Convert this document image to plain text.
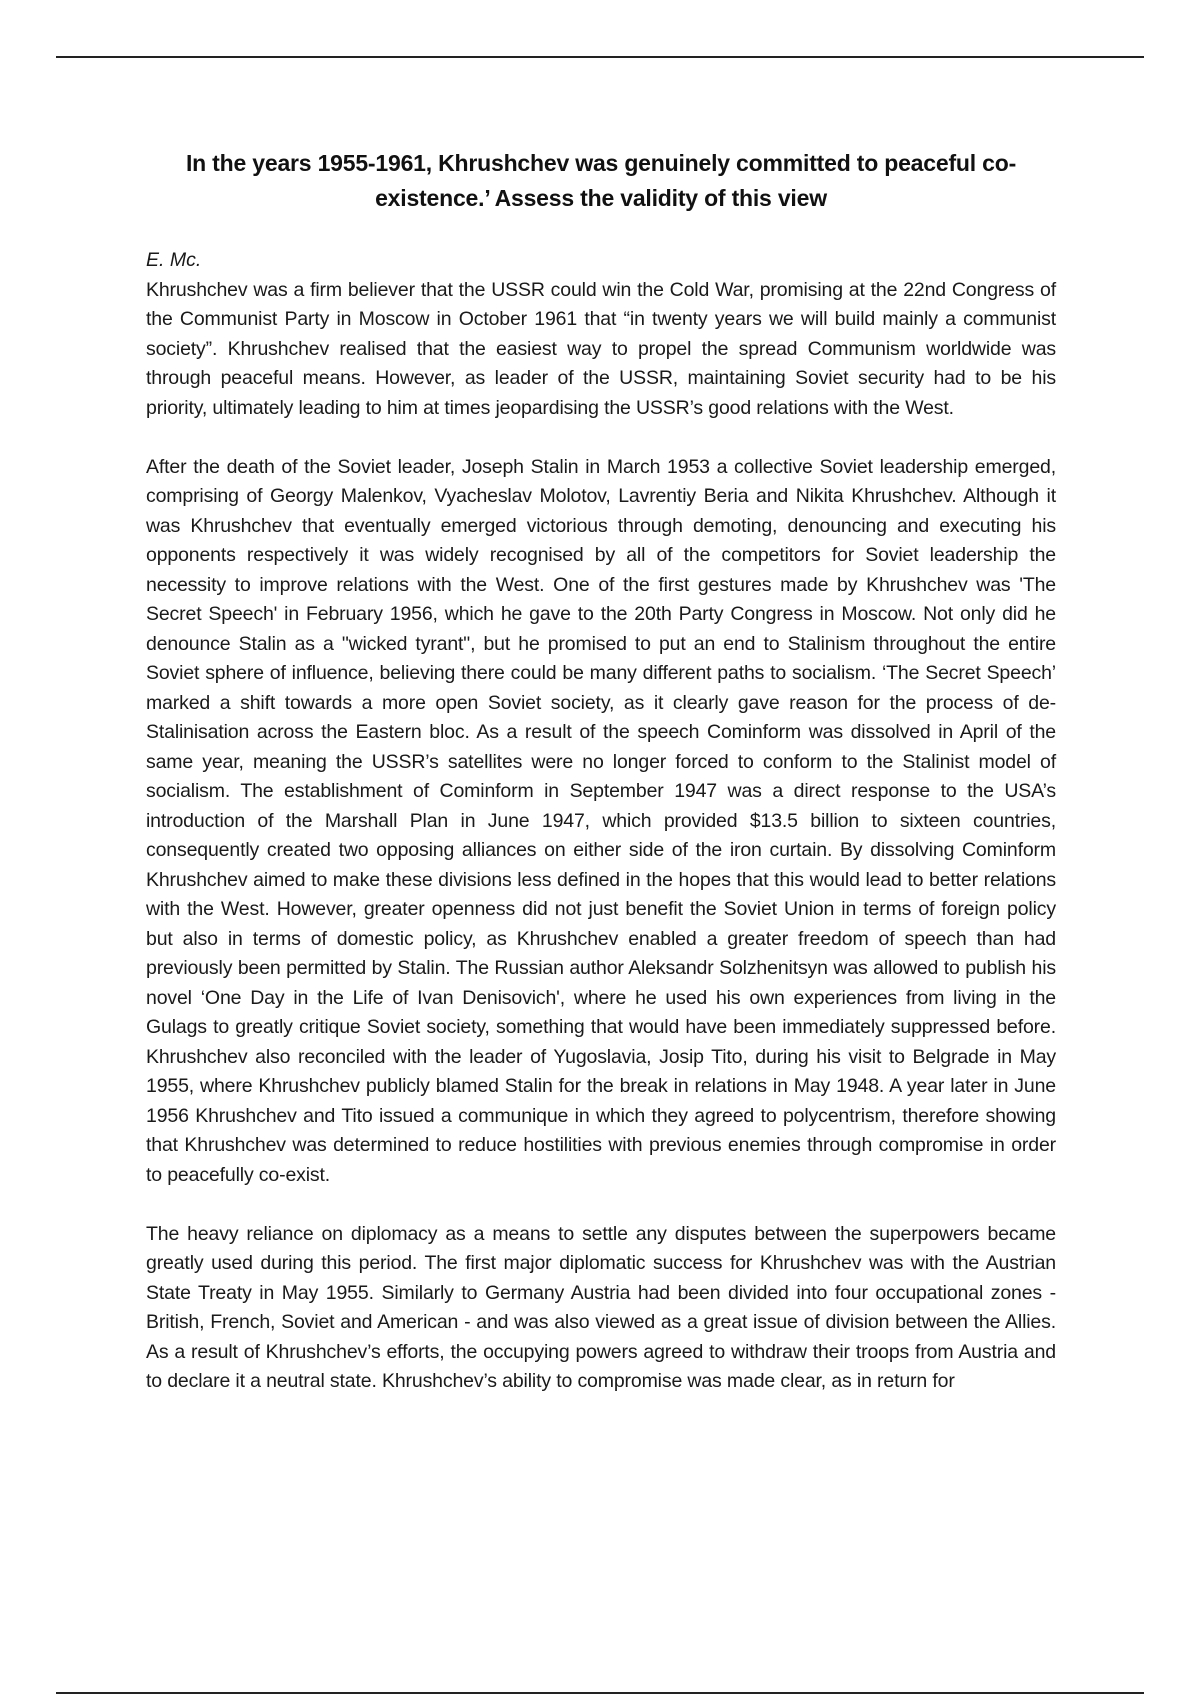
In the years 1955-1961, Khrushchev was genuinely committed to peaceful co-existence.’ Assess the validity of this view

E. Mc.

Khrushchev was a firm believer that the USSR could win the Cold War, promising at the 22nd Congress of the Communist Party in Moscow in October 1961 that “in twenty years we will build mainly a communist society”. Khrushchev realised that the easiest way to propel the spread Communism worldwide was through peaceful means. However, as leader of the USSR, maintaining Soviet security had to be his priority, ultimately leading to him at times jeopardising the USSR’s good relations with the West.

After the death of the Soviet leader, Joseph Stalin in March 1953 a collective Soviet leadership emerged, comprising of Georgy Malenkov, Vyacheslav Molotov, Lavrentiy Beria and Nikita Khrushchev. Although it was Khrushchev that eventually emerged victorious through demoting, denouncing and executing his opponents respectively it was widely recognised by all of the competitors for Soviet leadership the necessity to improve relations with the West. One of the first gestures made by Khrushchev was 'The Secret Speech' in February 1956, which he gave to the 20th Party Congress in Moscow. Not only did he denounce Stalin as a "wicked tyrant", but he promised to put an end to Stalinism throughout the entire Soviet sphere of influence, believing there could be many different paths to socialism. ‘The Secret Speech’ marked a shift towards a more open Soviet society, as it clearly gave reason for the process of de-Stalinisation across the Eastern bloc. As a result of the speech Cominform was dissolved in April of the same year, meaning the USSR’s satellites were no longer forced to conform to the Stalinist model of socialism. The establishment of Cominform in September 1947 was a direct response to the USA’s introduction of the Marshall Plan in June 1947, which provided $13.5 billion to sixteen countries, consequently created two opposing alliances on either side of the iron curtain. By dissolving Cominform Khrushchev aimed to make these divisions less defined in the hopes that this would lead to better relations with the West. However, greater openness did not just benefit the Soviet Union in terms of foreign policy but also in terms of domestic policy, as Khrushchev enabled a greater freedom of speech than had previously been permitted by Stalin. The Russian author Aleksandr Solzhenitsyn was allowed to publish his novel ‘One Day in the Life of Ivan Denisovich', where he used his own experiences from living in the Gulags to greatly critique Soviet society, something that would have been immediately suppressed before. Khrushchev also reconciled with the leader of Yugoslavia, Josip Tito, during his visit to Belgrade in May 1955, where Khrushchev publicly blamed Stalin for the break in relations in May 1948. A year later in June 1956 Khrushchev and Tito issued a communique in which they agreed to polycentrism, therefore showing that Khrushchev was determined to reduce hostilities with previous enemies through compromise in order to peacefully co-exist.

The heavy reliance on diplomacy as a means to settle any disputes between the superpowers became greatly used during this period. The first major diplomatic success for Khrushchev was with the Austrian State Treaty in May 1955. Similarly to Germany Austria had been divided into four occupational zones - British, French, Soviet and American - and was also viewed as a great issue of division between the Allies. As a result of Khrushchev’s efforts, the occupying powers agreed to withdraw their troops from Austria and to declare it a neutral state. Khrushchev’s ability to compromise was made clear, as in return for
